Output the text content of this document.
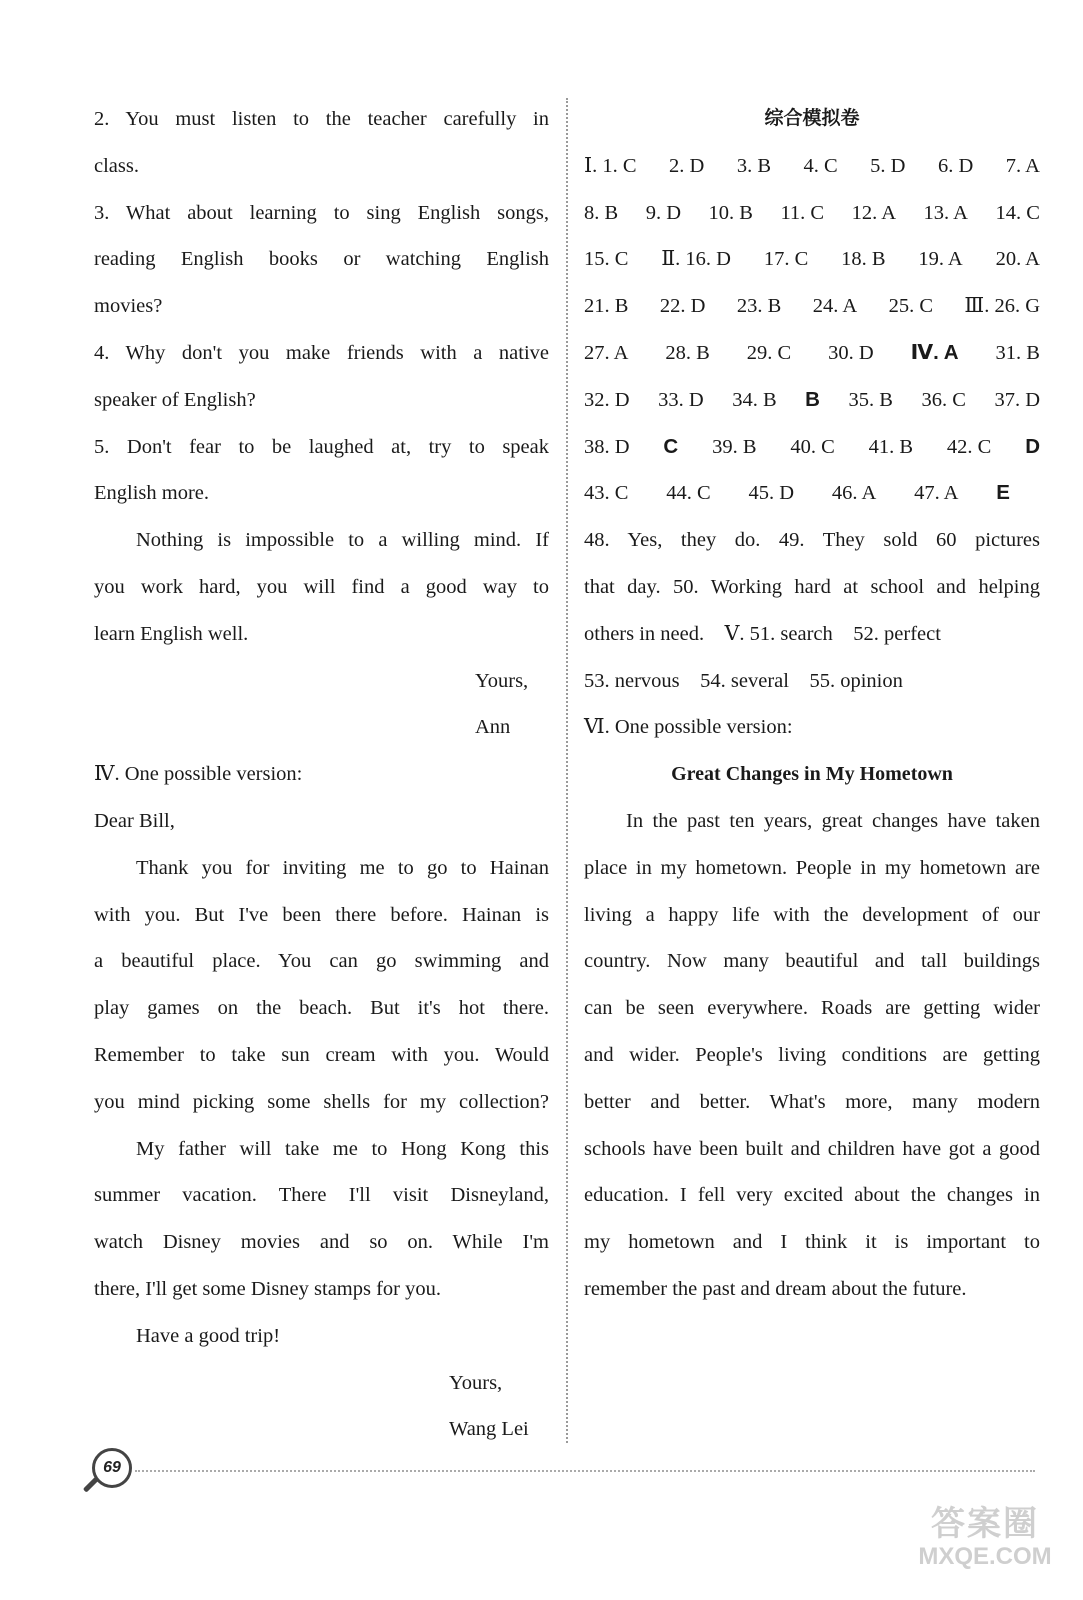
2. You must listen to the teacher carefully in
class.
3. What about learning to sing English songs,
reading English books or watching English
movies?
4. Why don't you make friends with a native
speaker of English?
5. Don't fear to be laughed at, try to speak
English more.
Nothing is impossible to a willing mind. If
you work hard, you will find a good way to
learn English well.
Yours,
Ann
Ⅳ. One possible version:
Dear Bill,
Thank you for inviting me to go to Hainan
with you. But I've been there before. Hainan is
a beautiful place. You can go swimming and
play games on the beach. But it's hot there.
Remember to take sun cream with you. Would
you mind picking some shells for my collection?
My father will take me to Hong Kong this
summer vacation. There I'll visit Disneyland,
watch Disney movies and so on. While I'm
there, I'll get some Disney stamps for you.
Have a good trip!
Yours,
Wang Lei
综合模拟卷
Ⅰ. 1. C 2. D 3. B 4. C 5. D 6. D 7. A
8. B 9. D 10. B 11. C 12. A 13. A 14. C
15. C Ⅱ. 16. D 17. C 18. B 19. A 20. A
21. B 22. D 23. B 24. A 25. C Ⅲ. 26. G
27. A 28. B 29. C 30. D Ⅳ. A 31. B
32. D 33. D 34. B B 35. B 36. C 37. D
38. D C 39. B 40. C 41. B 42. C D
43. C 44. C 45. D 46. A 47. A E
48. Yes, they do. 49. They sold 60 pictures
that day. 50. Working hard at school and helping
others in need.    Ⅴ. 51. search    52. perfect
53. nervous    54. several    55. opinion
Ⅵ. One possible version:
Great Changes in My Hometown
In the past ten years, great changes have taken
place in my hometown. People in my hometown are
living a happy life with the development of our
country. Now many beautiful and tall buildings
can be seen everywhere. Roads are getting wider
and wider. People's living conditions are getting
better and better. What's more, many modern
schools have been built and children have got a good
education. I fell very excited about the changes in
my hometown and I think it is important to
remember the past and dream about the future.
69
答案圈
MXQE.COM
